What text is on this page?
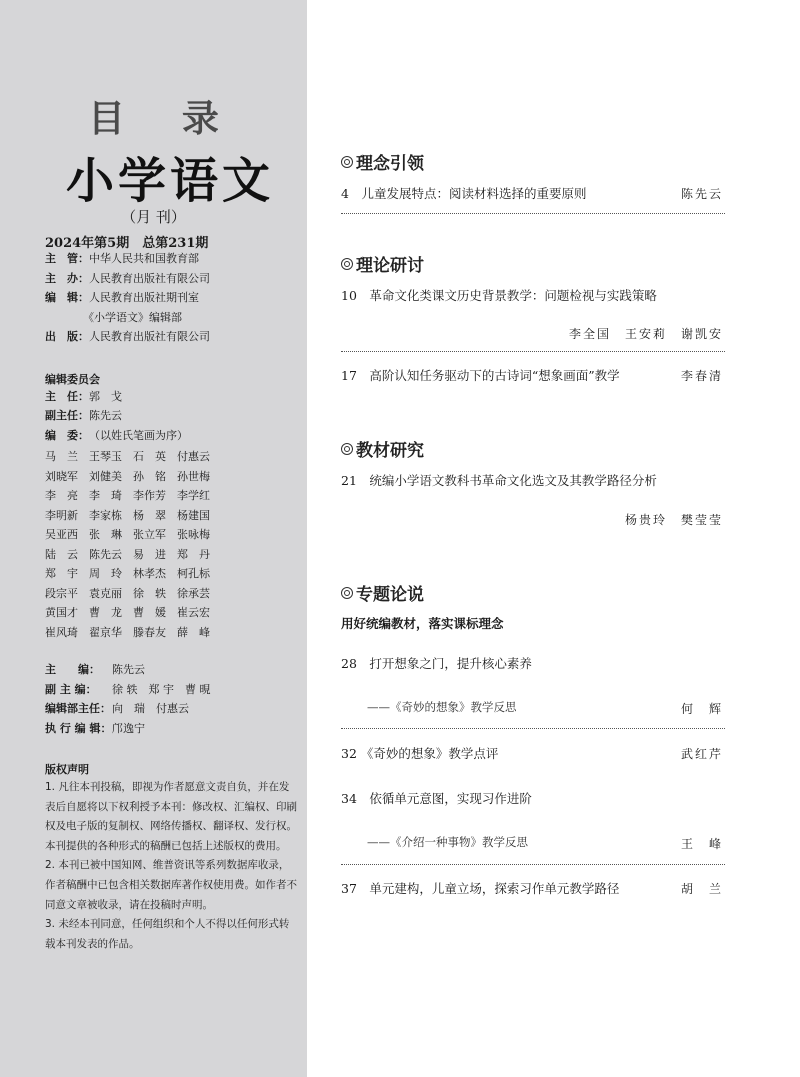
目 录
小学语文
（月 刊）
2024年第5期　总第231期
主　管：中华人民共和国教育部
主　办：人民教育出版社有限公司
编　辑：人民教育出版社期刊室
《小学语文》编辑部
出　版：人民教育出版社有限公司
编辑委员会
主　任：郭　戈
副主任：陈先云
编　委：（以姓氏笔画为序）
马　兰 王琴玉 石　英 付惠云
刘晓军 刘健美 孙　铭 孙世梅
李　亮 李　琦 李作芳 李学红
李明新 李家栋 杨　翠 杨建国
吴亚西 张　琳 张立军 张咏梅
陆　云 陈先云 易　进 郑　丹
郑　宇 周　玲 林孝杰 柯孔标
段宗平 袁克丽 徐　轶 徐承芸
黄国才 曹　龙 曹　媛 崔云宏
崔风琦 翟京华 滕春友 薛　峰
主　　编： 陈先云
副 主 编： 徐 轶　郑 宇　曹 晛
编辑部主任：向　瑞　付惠云
执 行 编 辑：邝逸宁
版权声明

1. 凡往本刊投稿，即视为作者愿意文责自负，并在发表后自愿将以下权利授予本刊：修改权、汇编权、印刷权及电子版的复制权、网络传播权、翻译权、发行权。本刊提供的各种形式的稿酬已包括上述版权的费用。

2. 本刊已被中国知网、维普资讯等系列数据库收录，作者稿酬中已包含相关数据库著作权使用费。如作者不同意文章被收录，请在投稿时声明。

3. 未经本刊同意，任何组织和个人不得以任何形式转载本刊发表的作品。

理念引领
4　儿童发展特点：阅读材料选择的重要原则	陈先云
理论研讨
10　革命文化类课文历史背景教学：问题检视与实践策略
李全国　王安莉　谢凯安
17　高阶认知任务驱动下的古诗词“想象画面”教学	李春清
教材研究
21　统编小学语文教科书革命文化选文及其教学路径分析
杨贵玲　樊莹莹
专题论说
用好统编教材，落实课标理念
28　打开想象之门，提升核心素养
——《奇妙的想象》教学反思	何　辉
32 《奇妙的想象》教学点评	武红芹
34　依循单元意图，实现习作进阶
——《介绍一种事物》教学反思	王　峰
37　单元建构，儿童立场，探索习作单元教学路径	胡　兰
